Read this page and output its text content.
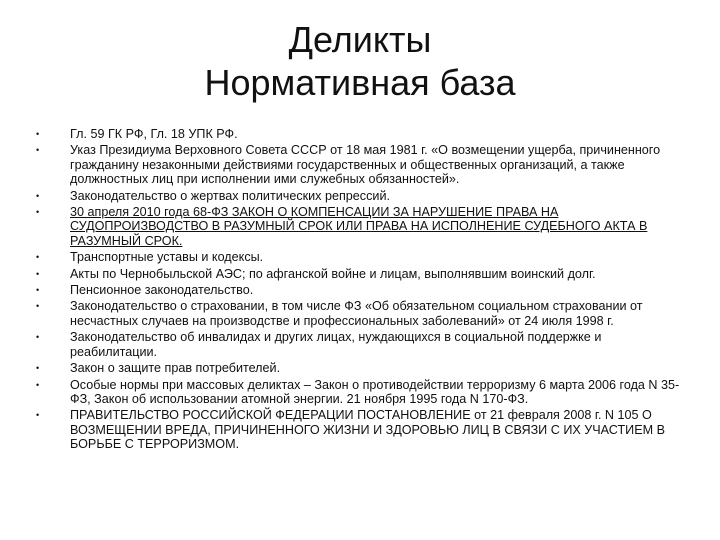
Деликты
Нормативная база
• Гл. 59 ГК РФ, Гл. 18 УПК РФ.
• Указ Президиума Верховного Совета СССР от 18 мая 1981 г. «О возмещении ущерба, причиненного гражданину незаконными действиями государственных и общественных организаций, а также должностных лиц при исполнении ими служебных обязанностей».
• Законодательство о жертвах политических репрессий.
• 30 апреля 2010 года 68-ФЗ ЗАКОН О КОМПЕНСАЦИИ ЗА НАРУШЕНИЕ ПРАВА НА СУДОПРОИЗВОДСТВО В РАЗУМНЫЙ СРОК ИЛИ ПРАВА НА ИСПОЛНЕНИЕ СУДЕБНОГО АКТА В РАЗУМНЫЙ СРОК.
• Транспортные уставы и кодексы.
• Акты по Чернобыльской АЭС; по афганской войне и лицам, выполнявшим воинский долг.
• Пенсионное законодательство.
• Законодательство о страховании, в том числе ФЗ «Об обязательном социальном страховании от несчастных случаев на производстве и профессиональных заболеваний» от 24 июля 1998 г.
• Законодательство об инвалидах и других лицах, нуждающихся в социальной поддержке и реабилитации.
• Закон о защите прав потребителей.
• Особые нормы при массовых деликтах – Закон о противодействии терроризму 6 марта 2006 года N 35-ФЗ, Закон об использовании атомной энергии. 21 ноября 1995 года N 170-ФЗ.
• ПРАВИТЕЛЬСТВО РОССИЙСКОЙ ФЕДЕРАЦИИ ПОСТАНОВЛЕНИЕ от 21 февраля 2008 г. N 105 О ВОЗМЕЩЕНИИ ВРЕДА, ПРИЧИНЕННОГО ЖИЗНИ И ЗДОРОВЬЮ ЛИЦ В СВЯЗИ С ИХ УЧАСТИЕМ В БОРЬБЕ С ТЕРРОРИЗМОМ.
